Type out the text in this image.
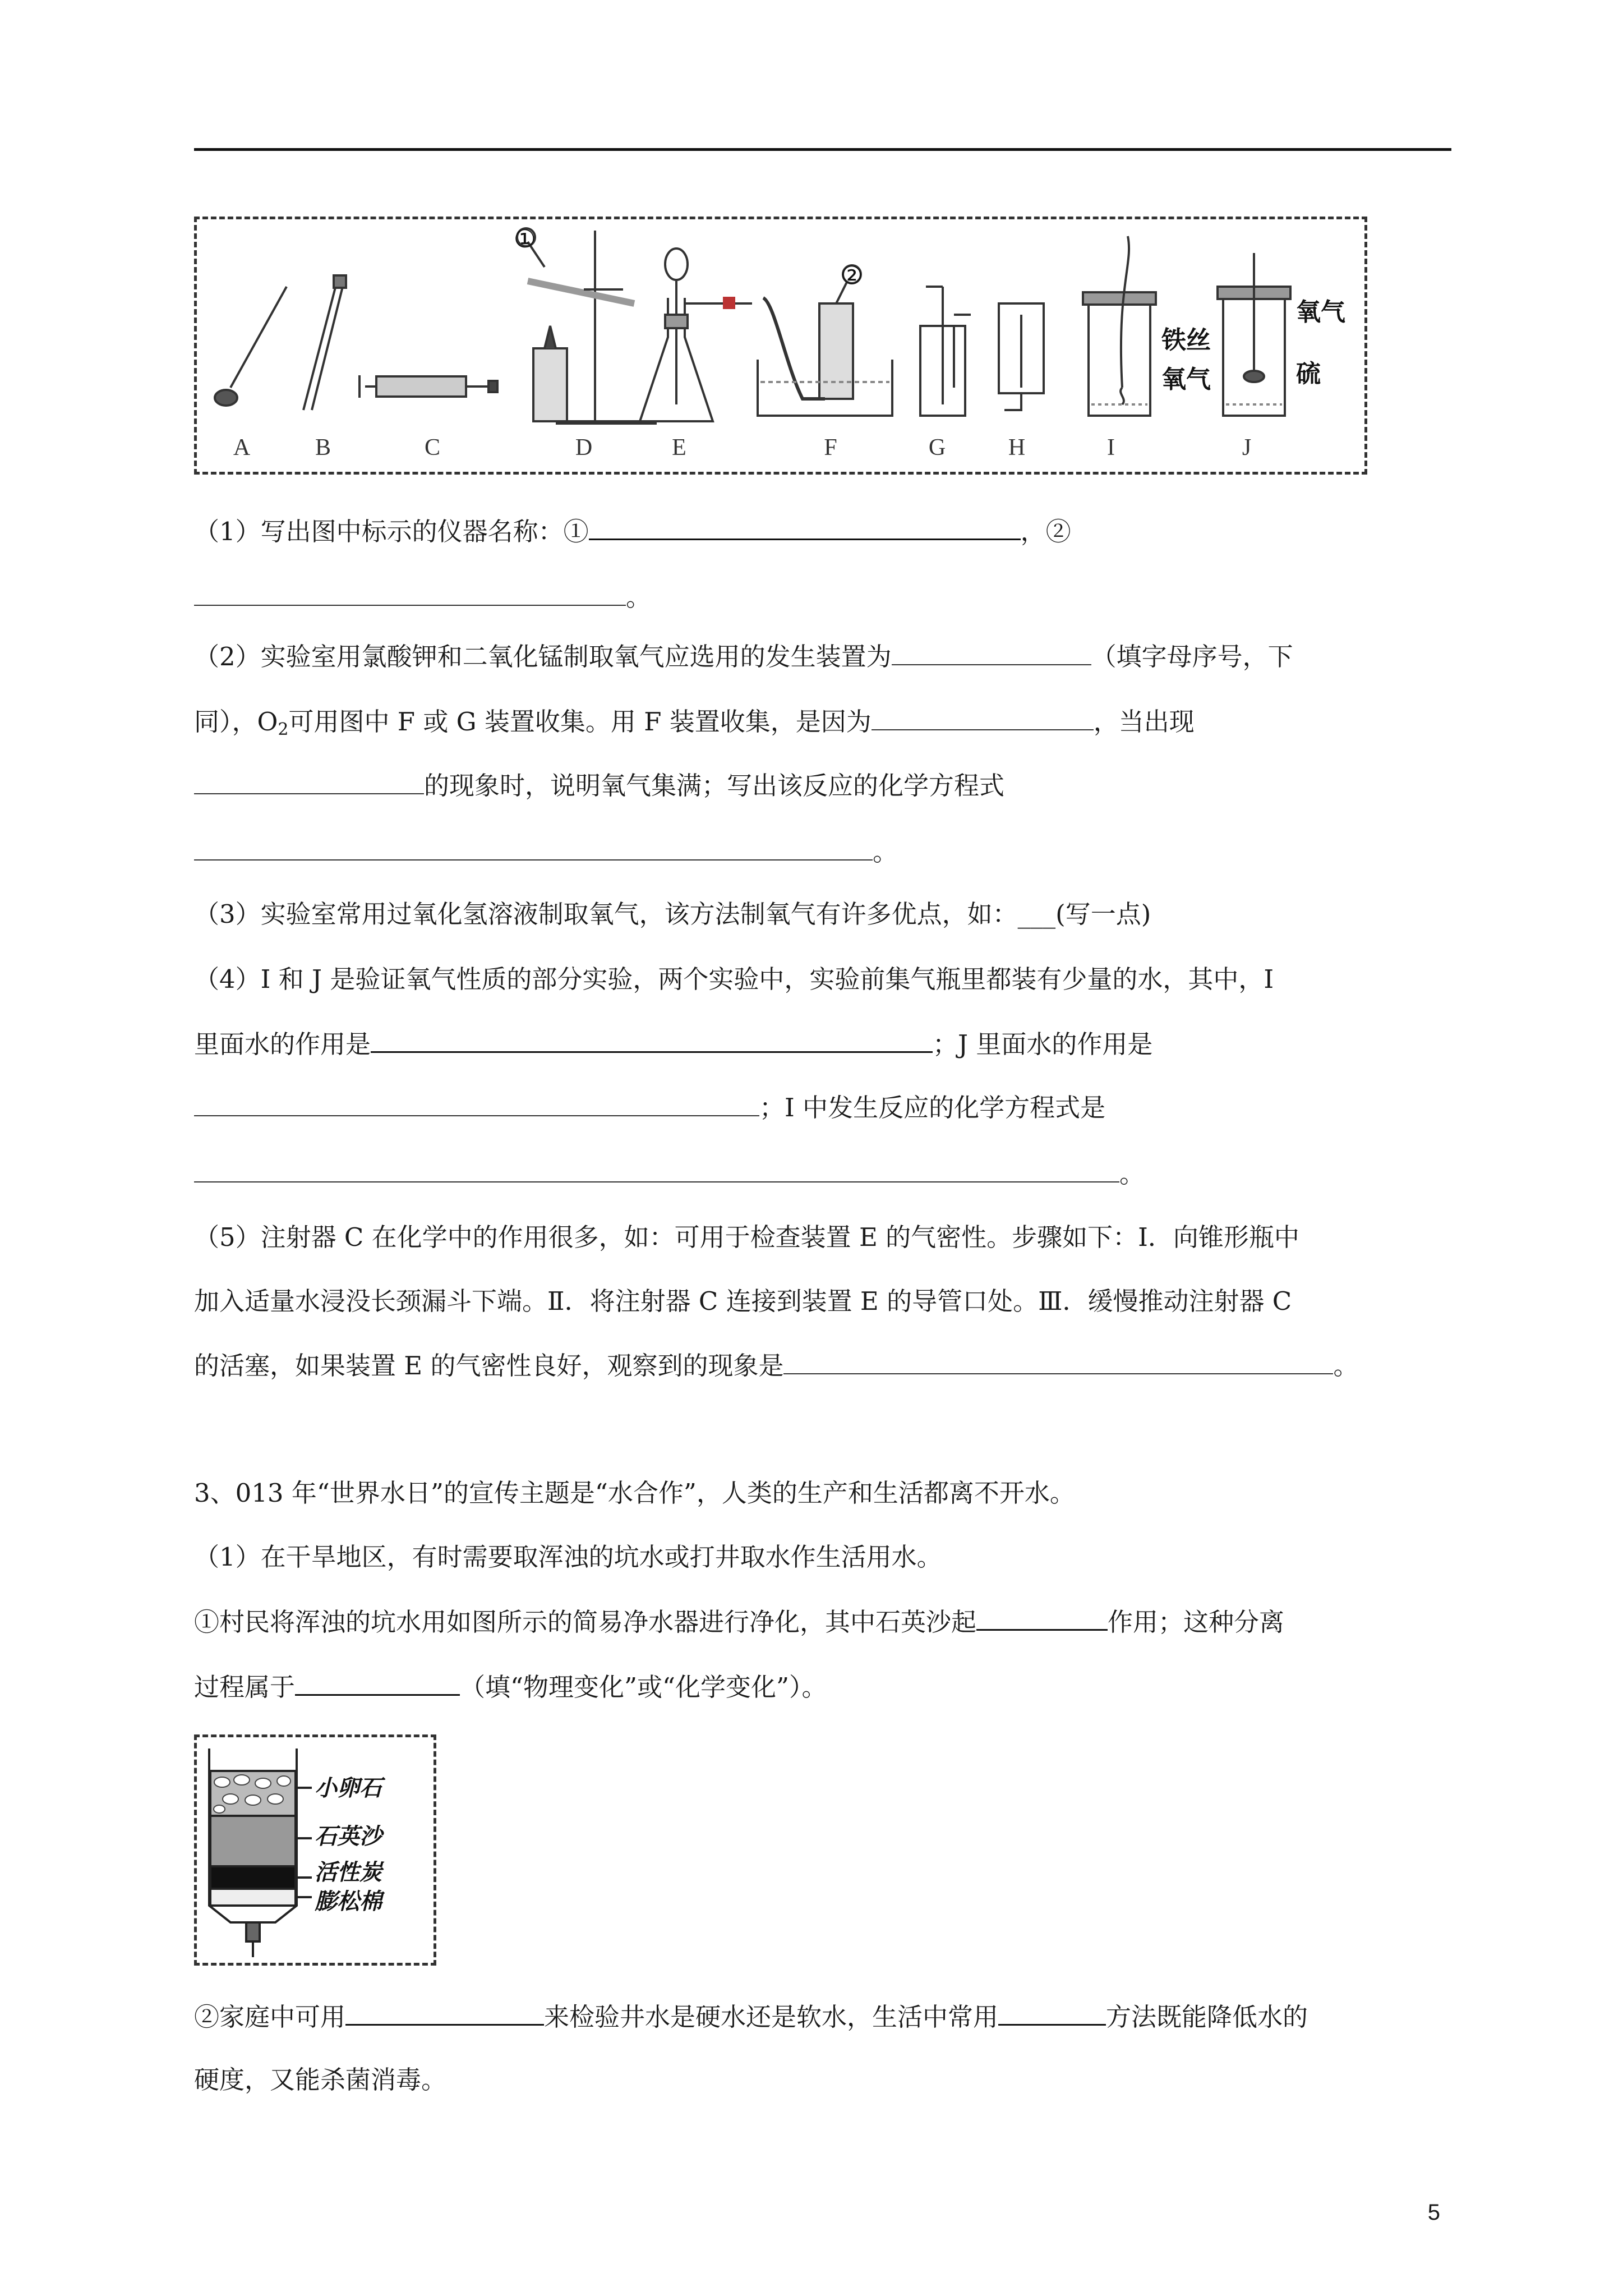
①
②
铁丝
氧气
氧气
硫
A	B	C	D	E	F	G	H	I	J
（1）写出图中标示的仪器名称：①	，②
。
（2）实验室用氯酸钾和二氧化锰制取氧气应选用的发生装置为	（填字母序号，下
同），$O_2$可用图中 F 或 G 装置收集。用 F 装置收集，是因为	，当出现
的现象时，说明氧气集满；写出该反应的化学方程式
。
（3）实验室常用过氧化氢溶液制取氧气，该方法制氧气有许多优点，如：___(写一点)
（4）I 和 J 是验证氧气性质的部分实验，两个实验中，实验前集气瓶里都装有少量的水，其中，I
里面水的作用是	；J 里面水的作用是
；I 中发生反应的化学方程式是
。
（5）注射器 C 在化学中的作用很多，如：可用于检查装置 E 的气密性。步骤如下：Ⅰ．向锥形瓶中
加入适量水浸没长颈漏斗下端。Ⅱ．将注射器 C 连接到装置 E 的导管口处。Ⅲ．缓慢推动注射器 C
的活塞，如果装置 E 的气密性良好，观察到的现象是	。
3、013 年“世界水日”的宣传主题是“水合作”，人类的生产和生活都离不开水。
（1）在干旱地区，有时需要取浑浊的坑水或打井取水作生活用水。
①村民将浑浊的坑水用如图所示的简易净水器进行净化，其中石英沙起	作用；这种分离
过程属于	（填“物理变化”或“化学变化”）。
小卵石
石英沙
活性炭
膨松棉
②家庭中可用	来检验井水是硬水还是软水，生活中常用	方法既能降低水的
硬度，又能杀菌消毒。
5
